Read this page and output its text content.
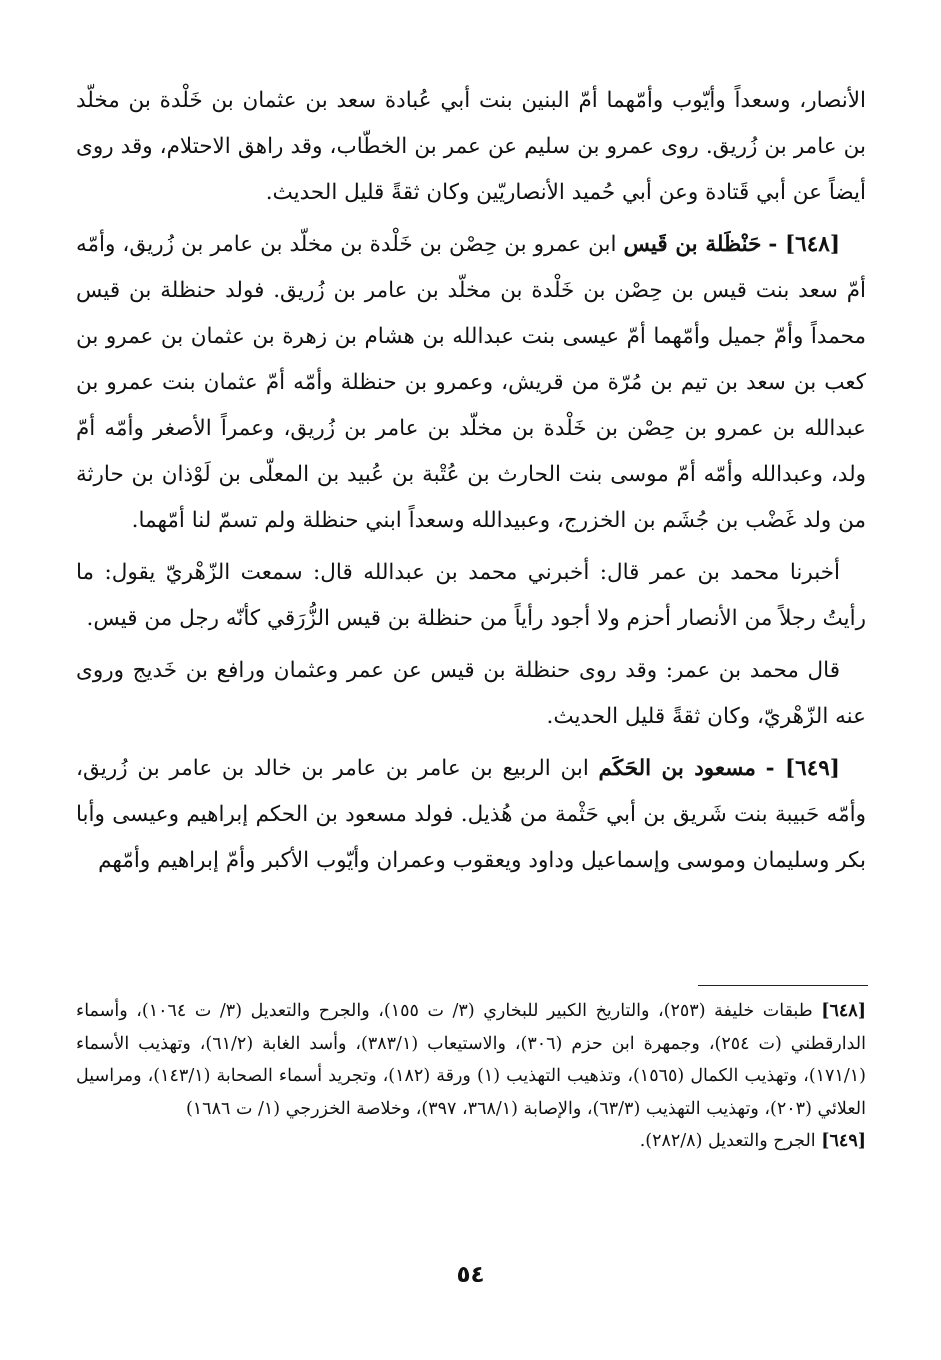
الأنصار، وسعداً وأيّوب وأمّهما أمّ البنين بنت أبي عُبادة سعد بن عثمان بن خَلْدة بن مخلّد بن عامر بن زُريق. روى عمرو بن سليم عن عمر بن الخطّاب، وقد راهق الاحتلام، وقد روى أيضاً عن أبي قَتادة وعن أبي حُميد الأنصاريّين وكان ثقةً قليل الحديث.

[٦٤٨] - حَنْظَلة بن قَيس ابن عمرو بن حِصْن بن خَلْدة بن مخلّد بن عامر بن زُريق، وأمّه أمّ سعد بنت قيس بن حِصْن بن خَلْدة بن مخلّد بن عامر بن زُريق. فولد حنظلة بن قيس محمداً وأمّ جميل وأمّهما أمّ عيسى بنت عبدالله بن هشام بن زهرة بن عثمان بن عمرو بن كعب بن سعد بن تيم بن مُرّة من قريش، وعمرو بن حنظلة وأمّه أمّ عثمان بنت عمرو بن عبدالله بن عمرو بن حِصْن بن خَلْدة بن مخلّد بن عامر بن زُريق، وعمراً الأصغر وأمّه أمّ ولد، وعبدالله وأمّه أمّ موسى بنت الحارث بن عُتْبة بن عُبيد بن المعلّى بن لَوْذان بن حارثة من ولد غَضْب بن جُشَم بن الخزرج، وعبيدالله وسعداً ابني حنظلة ولم تسمّ لنا أمّهما.

أخبرنا محمد بن عمر قال: أخبرني محمد بن عبدالله قال: سمعت الزّهْريّ يقول: ما رأيتُ رجلاً من الأنصار أحزم ولا أجود رأياً من حنظلة بن قيس الزُّرَقي كأنّه رجل من قيس.

قال محمد بن عمر: وقد روى حنظلة بن قيس عن عمر وعثمان ورافع بن خَديج وروى عنه الزّهْريّ، وكان ثقةً قليل الحديث.

[٦٤٩] - مسعود بن الحَكَم ابن الربيع بن عامر بن عامر بن خالد بن عامر بن زُريق، وأمّه حَبيبة بنت شَريق بن أبي حَثْمة من هُذيل. فولد مسعود بن الحكم إبراهيم وعيسى وأبا بكر وسليمان وموسى وإسماعيل وداود ويعقوب وعمران وأيّوب الأكبر وأمّ إبراهيم وأمّهم

[٦٤٨] طبقات خليفة (٢٥٣)، والتاريخ الكبير للبخاري (٣/ ت ١٥٥)، والجرح والتعديل (٣/ ت ١٠٦٤)، وأسماء الدارقطني (ت ٢٥٤)، وجمهرة ابن حزم (٣٠٦)، والاستيعاب (٣٨٣/١)، وأسد الغابة (٦١/٢)، وتهذيب الأسماء (١٧١/١)، وتهذيب الكمال (١٥٦٥)، وتذهيب التهذيب (١) ورقة (١٨٢)، وتجريد أسماء الصحابة (١٤٣/١)، ومراسيل العلائي (٢٠٣)، وتهذيب التهذيب (٦٣/٣)، والإصابة (٣٦٨/١، ٣٩٧)، وخلاصة الخزرجي (١/ ت ١٦٨٦)

[٦٤٩] الجرح والتعديل (٢٨٢/٨).

٥٤
